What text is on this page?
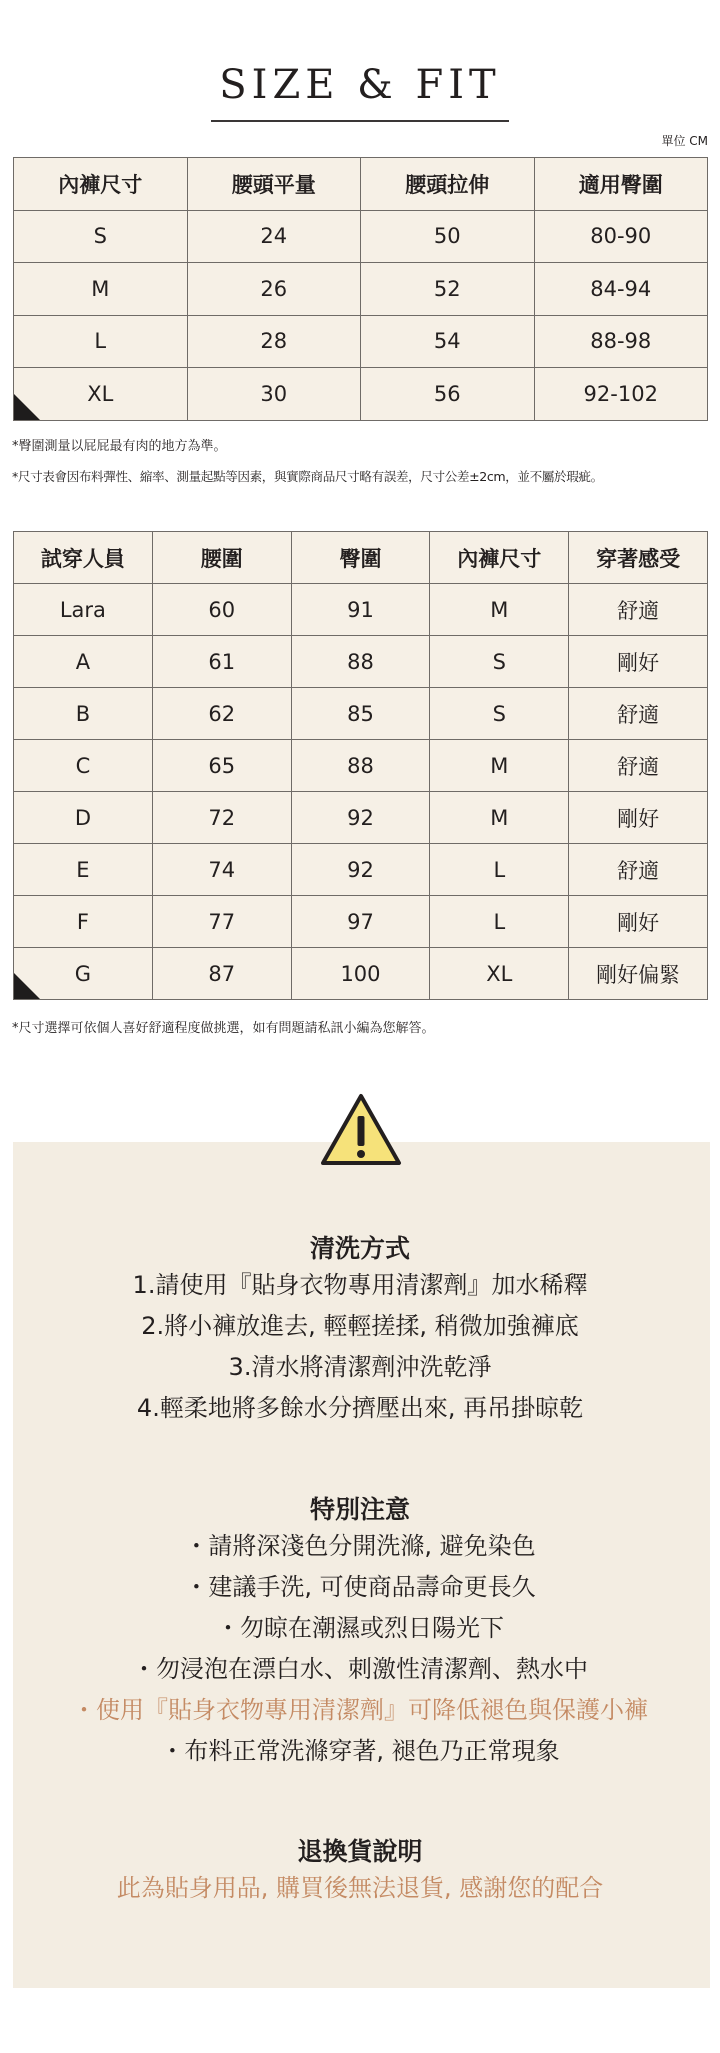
SIZE & FIT
單位 CM
內褲尺寸	腰頭平量	腰頭拉伸	適用臀圍
S	24	50	80-90
M	26	52	84-94
L	28	54	88-98

XL	30	56	92-102
*臀圍測量以屁屁最有肉的地方為準。
*尺寸表會因布料彈性、縮率、測量起點等因素，與實際商品尺寸略有誤差，尺寸公差±2cm，並不屬於瑕疵。
試穿人員	腰圍	臀圍	內褲尺寸	穿著感受
Lara	60	91	M	舒適
A	61	88	S	剛好
B	62	85	S	舒適
C	65	88	M	舒適
D	72	92	M	剛好
E	74	92	L	舒適
F	77	97	L	剛好

G	87	100	XL	剛好偏緊
*尺寸選擇可依個人喜好舒適程度做挑選，如有問題請私訊小編為您解答。
清洗方式
1.請使用『貼身衣物專用清潔劑』加水稀釋
2.將小褲放進去, 輕輕搓揉, 稍微加強褲底
3.清水將清潔劑沖洗乾淨
4.輕柔地將多餘水分擠壓出來, 再吊掛晾乾
特別注意
・請將深淺色分開洗滌, 避免染色
・建議手洗, 可使商品壽命更長久
・勿晾在潮濕或烈日陽光下
・勿浸泡在漂白水、刺激性清潔劑、熱水中
・使用『貼身衣物專用清潔劑』可降低褪色與保護小褲
・布料正常洗滌穿著, 褪色乃正常現象
退換貨說明
此為貼身用品, 購買後無法退貨, 感謝您的配合
